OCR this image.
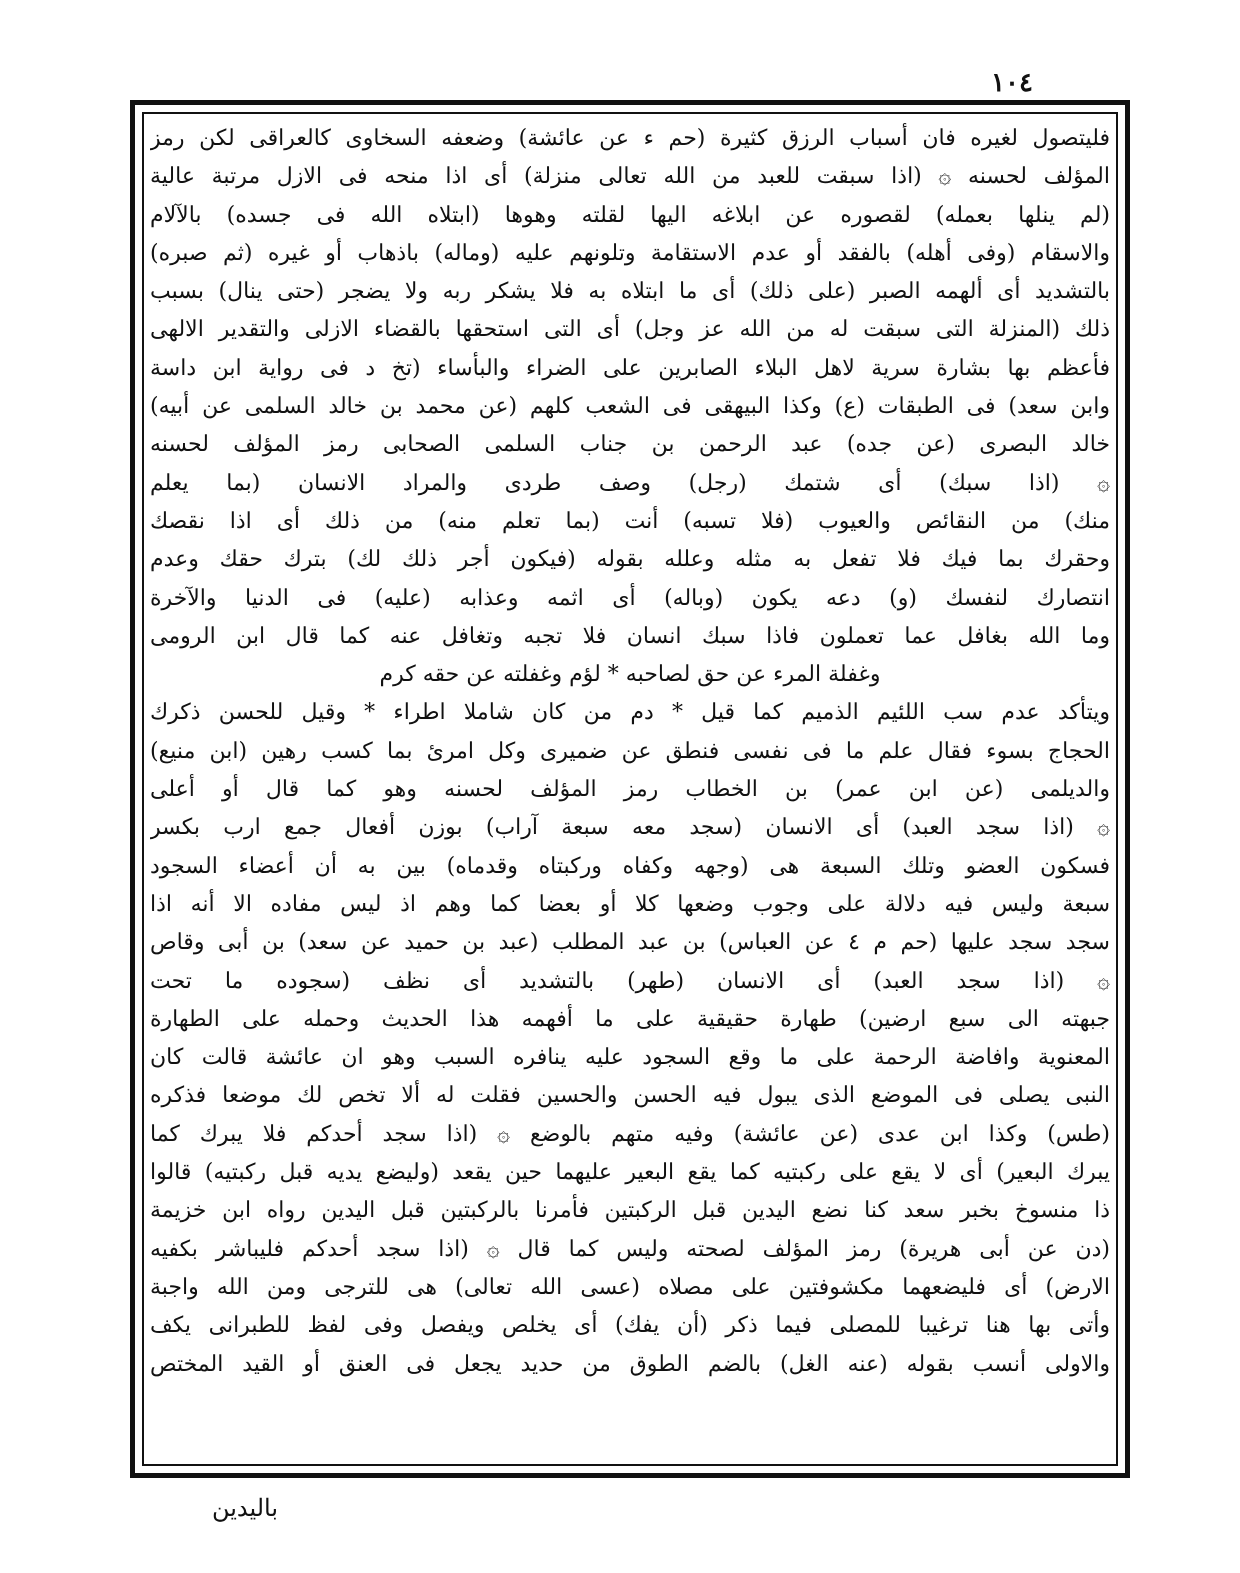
١٠٤
فليتصول لغيره فان أسباب الرزق كثيرة (حم ء عن عائشة) وضعفه السخاوى كالعراقى لكن رمز
المؤلف لحسنه ۞ (اذا سبقت للعبد من الله تعالى منزلة) أى اذا منحه فى الازل مرتبة عالية
(لم ينلها بعمله) لقصوره عن ابلاغه اليها لقلته وهوها (ابتلاه الله فى جسده) بالآلام
والاسقام (وفى أهله) بالفقد أو عدم الاستقامة وتلونهم عليه (وماله) باذهاب أو غيره (ثم صبره)
بالتشديد أى ألهمه الصبر (على ذلك) أى ما ابتلاه به فلا يشكر ربه ولا يضجر (حتى ينال) بسبب
ذلك (المنزلة التى سبقت له من الله عز وجل) أى التى استحقها بالقضاء الازلى والتقدير الالهى
فأعظم بها بشارة سرية لاهل البلاء الصابرين على الضراء والبأساء (تخ د فى رواية ابن داسة
وابن سعد) فى الطبقات (ع) وكذا البيهقى فى الشعب كلهم (عن محمد بن خالد السلمى عن أبيه)
خالد البصرى (عن جده) عبد الرحمن بن جناب السلمى الصحابى رمز المؤلف لحسنه
۞ (اذا سبك) أى شتمك (رجل) وصف طردى والمراد الانسان (بما يعلم
منك) من النقائص والعيوب (فلا تسبه) أنت (بما تعلم منه) من ذلك أى اذا نقصك
وحقرك بما فيك فلا تفعل به مثله وعلله بقوله (فيكون أجر ذلك لك) بترك حقك وعدم
انتصارك لنفسك (و) دعه يكون (وباله) أى اثمه وعذابه (عليه) فى الدنيا والآخرة
وما الله بغافل عما تعملون فاذا سبك انسان فلا تجبه وتغافل عنه كما قال ابن الرومى
وغفلة المرء عن حق لصاحبه * لؤم وغفلته عن حقه كرم
ويتأكد عدم سب اللئيم الذميم كما قيل * دم من كان شاملا اطراء * وقيل للحسن ذكرك
الحجاج بسوء فقال علم ما فى نفسى فنطق عن ضميرى وكل امرئ بما كسب رهين (ابن منيع)
والديلمى (عن ابن عمر) بن الخطاب رمز المؤلف لحسنه وهو كما قال أو أعلى
۞ (اذا سجد العبد) أى الانسان (سجد معه سبعة آراب) بوزن أفعال جمع ارب بكسر
فسكون العضو وتلك السبعة هى (وجهه وكفاه وركبتاه وقدماه) بين به أن أعضاء السجود
سبعة وليس فيه دلالة على وجوب وضعها كلا أو بعضا كما وهم اذ ليس مفاده الا أنه اذا
سجد سجد عليها (حم م ٤ عن العباس) بن عبد المطلب (عبد بن حميد عن سعد) بن أبى وقاص
۞ (اذا سجد العبد) أى الانسان (طهر) بالتشديد أى نظف (سجوده ما تحت
جبهته الى سبع ارضين) طهارة حقيقية على ما أفهمه هذا الحديث وحمله على الطهارة
المعنوية وافاضة الرحمة على ما وقع السجود عليه ينافره السبب وهو ان عائشة قالت كان
النبى يصلى فى الموضع الذى يبول فيه الحسن والحسين فقلت له ألا تخص لك موضعا فذكره
(طس) وكذا ابن عدى (عن عائشة) وفيه متهم بالوضع ۞ (اذا سجد أحدكم فلا يبرك كما
يبرك البعير) أى لا يقع على ركبتيه كما يقع البعير عليهما حين يقعد (وليضع يديه قبل ركبتيه) قالوا
ذا منسوخ بخبر سعد كنا نضع اليدين قبل الركبتين فأمرنا بالركبتين قبل اليدين رواه ابن خزيمة
(دن عن أبى هريرة) رمز المؤلف لصحته وليس كما قال ۞ (اذا سجد أحدكم فليباشر بكفيه
الارض) أى فليضعهما مكشوفتين على مصلاه (عسى الله تعالى) هى للترجى ومن الله واجبة
وأتى بها هنا ترغيبا للمصلى فيما ذكر (أن يفك) أى يخلص ويفصل وفى لفظ للطبرانى يكف
والاولى أنسب بقوله (عنه الغل) بالضم الطوق من حديد يجعل فى العنق أو القيد المختص
باليدين
